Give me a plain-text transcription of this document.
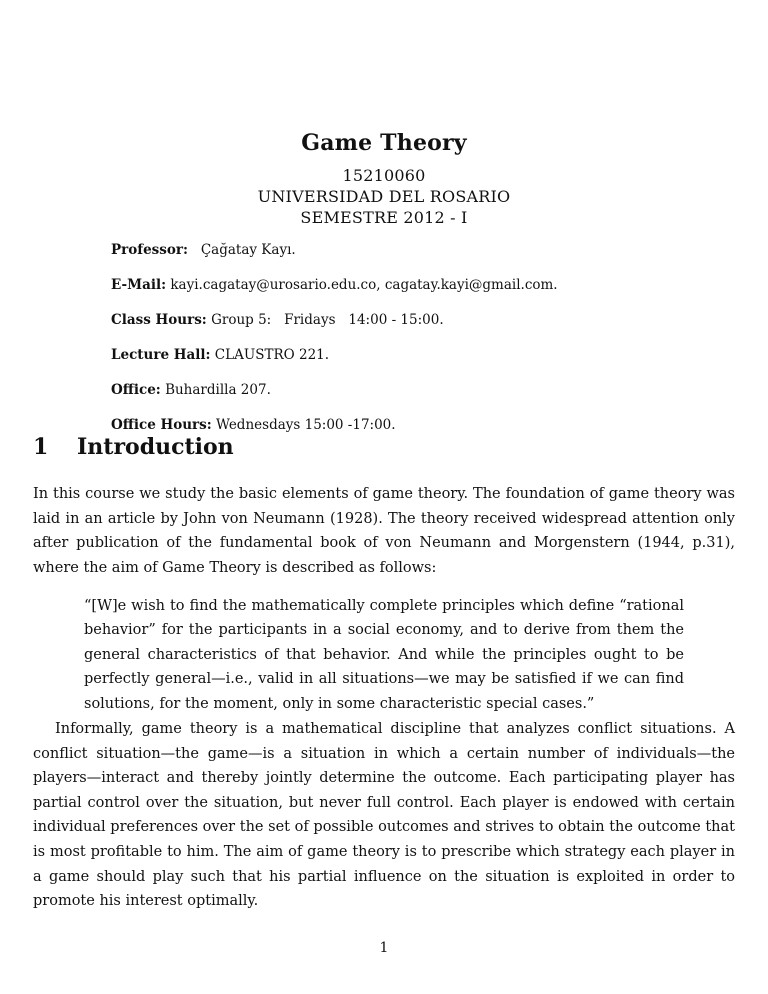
Game Theory
15210060
UNIVERSIDAD DEL ROSARIO
SEMESTRE 2012 - I
Professor: Çağatay Kayı.
E-Mail: kayi.cagatay@urosario.edu.co, cagatay.kayi@gmail.com.
Class Hours: Group 5: Fridays 14:00 - 15:00.
Lecture Hall: CLAUSTRO 221.
Office: Buhardilla 207.
Office Hours: Wednesdays 15:00 -17:00.
1 Introduction

In this course we study the basic elements of game theory. The foundation of game theory was laid in an article by John von Neumann (1928). The theory received widespread attention only after publication of the fundamental book of von Neumann and Morgenstern (1944, p.31), where the aim of Game Theory is described as follows:

“[W]e wish to find the mathematically complete principles which define “rational behavior” for the participants in a social economy, and to derive from them the general characteristics of that behavior. And while the principles ought to be perfectly general—i.e., valid in all situations—we may be satisfied if we can find solutions, for the moment, only in some characteristic special cases.”

Informally, game theory is a mathematical discipline that analyzes conflict situations. A conflict situation—the game—is a situation in which a certain number of individuals—the players—interact and thereby jointly determine the outcome. Each participating player has partial control over the situation, but never full control. Each player is endowed with certain individual preferences over the set of possible outcomes and strives to obtain the outcome that is most profitable to him. The aim of game theory is to prescribe which strategy each player in a game should play such that his partial influence on the situation is exploited in order to promote his interest optimally.

1
